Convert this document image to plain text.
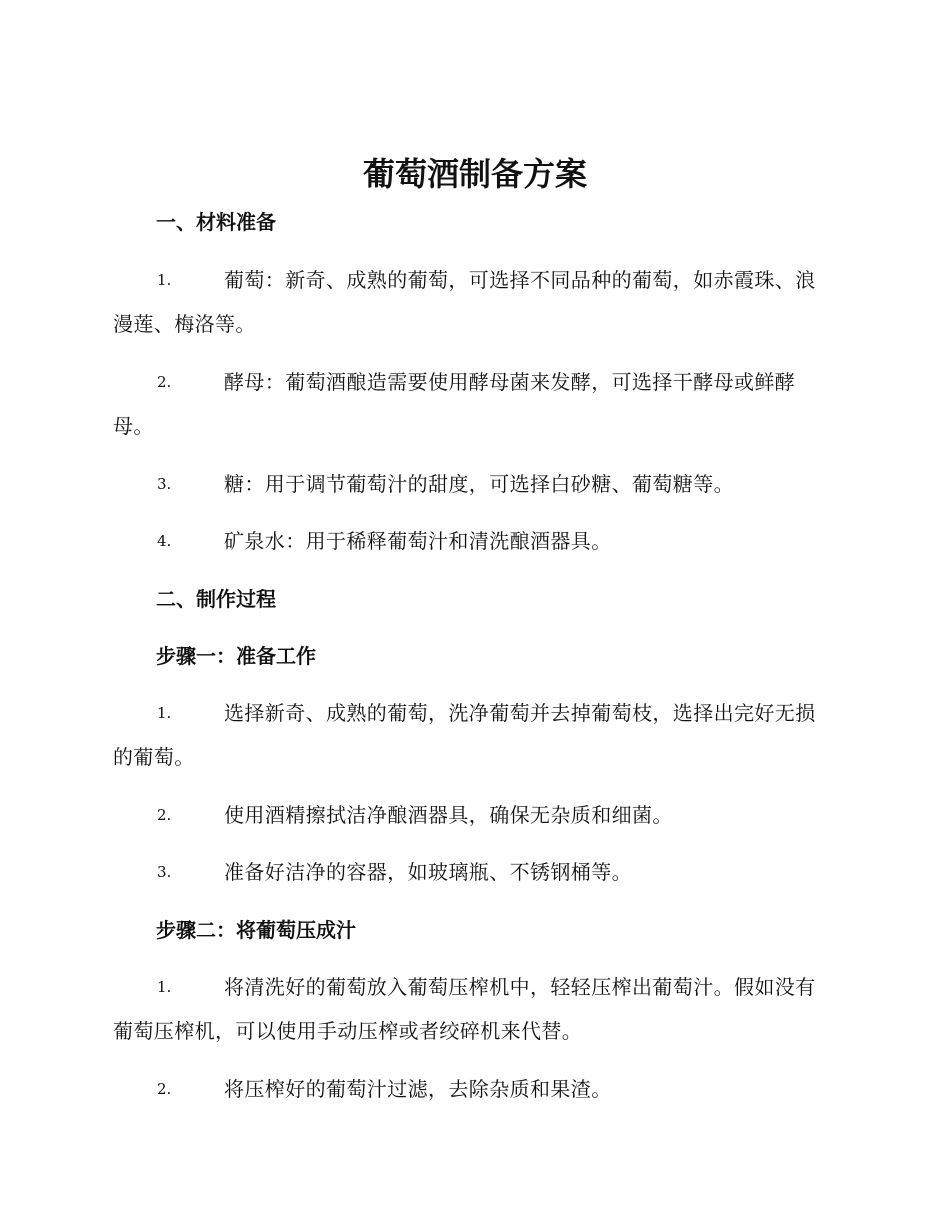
葡萄酒制备方案
一、材料准备
1.	葡萄：新奇、成熟的葡萄，可选择不同品种的葡萄，如赤霞珠、浪漫莲、梅洛等。
2.	酵母：葡萄酒酿造需要使用酵母菌来发酵，可选择干酵母或鲜酵母。
3.	糖：用于调节葡萄汁的甜度，可选择白砂糖、葡萄糖等。
4.	矿泉水：用于稀释葡萄汁和清洗酿酒器具。
二、制作过程
步骤一：准备工作
1.	选择新奇、成熟的葡萄，洗净葡萄并去掉葡萄枝，选择出完好无损的葡萄。
2.	使用酒精擦拭洁净酿酒器具，确保无杂质和细菌。
3.	准备好洁净的容器，如玻璃瓶、不锈钢桶等。
步骤二：将葡萄压成汁
1.	将清洗好的葡萄放入葡萄压榨机中，轻轻压榨出葡萄汁。假如没有葡萄压榨机，可以使用手动压榨或者绞碎机来代替。
2.	将压榨好的葡萄汁过滤，去除杂质和果渣。
